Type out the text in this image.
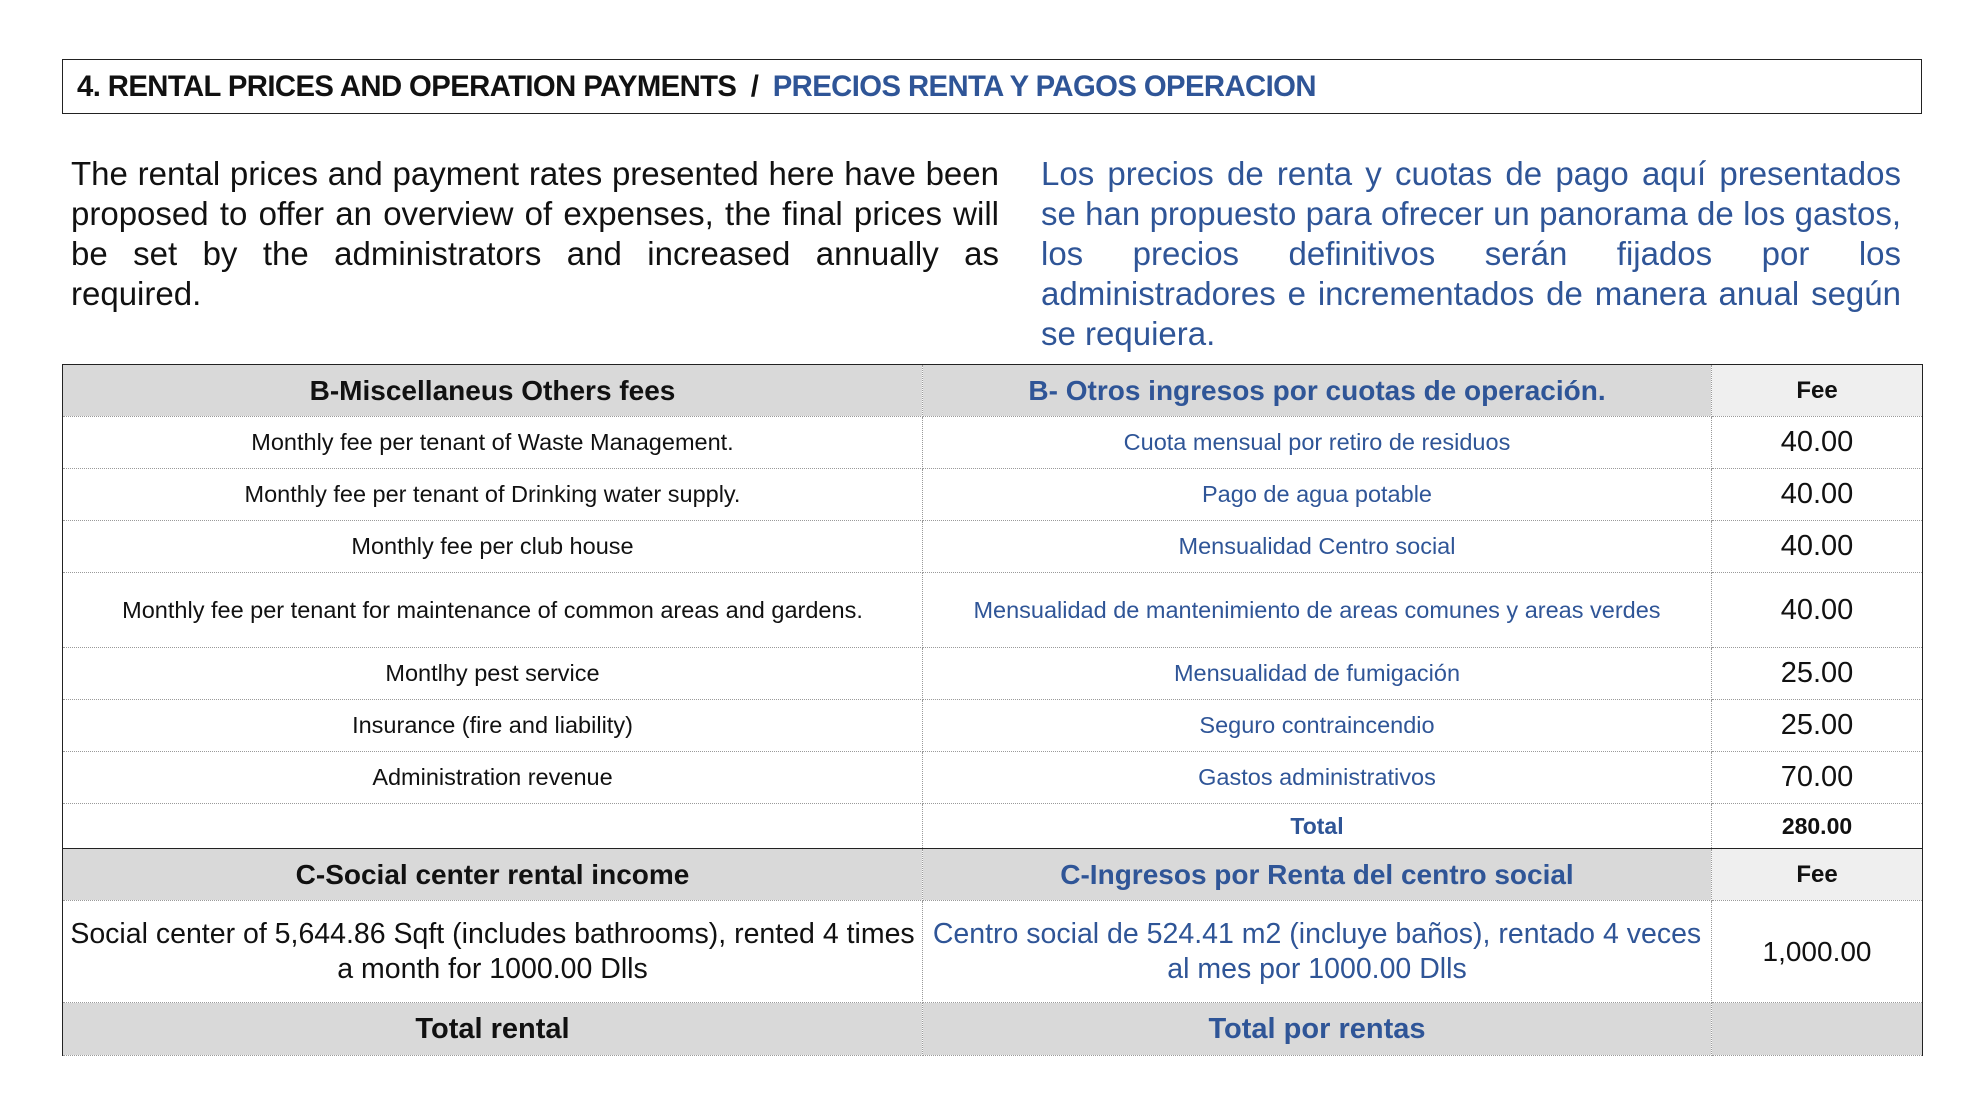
4. RENTAL PRICES AND OPERATION PAYMENTS / PRECIOS RENTA Y PAGOS OPERACION
The rental prices and payment rates presented here have been proposed to offer an overview of expenses, the final prices will be set by the administrators and increased annually as required.
Los precios de renta y cuotas de pago aquí presentados se han propuesto para ofrecer un panorama de los gastos, los precios definitivos serán fijados por los administradores e incrementados de manera anual según se requiera.
B-Miscellaneus Others fees	B- Otros ingresos por cuotas de operación.	Fee
Monthly fee per tenant of Waste Management.	Cuota mensual por retiro de residuos	40.00
Monthly fee per tenant of Drinking water supply.	Pago de agua potable	40.00
Monthly fee per club house	Mensualidad Centro social	40.00
Monthly fee per tenant for maintenance of common areas and gardens.	Mensualidad de mantenimiento de areas comunes y areas verdes	40.00
Montlhy pest service	Mensualidad de fumigación	25.00
Insurance (fire and liability)	Seguro contraincendio	25.00
Administration revenue	Gastos administrativos	70.00
	Total	280.00
C-Social center rental income	C-Ingresos por Renta del centro social	Fee
Social center of 5,644.86 Sqft (includes bathrooms), rented 4 times a month for 1000.00 Dlls	Centro social de 524.41 m2 (incluye baños), rentado 4 veces al mes por 1000.00 Dlls	1,000.00
Total rental	Total por rentas	
